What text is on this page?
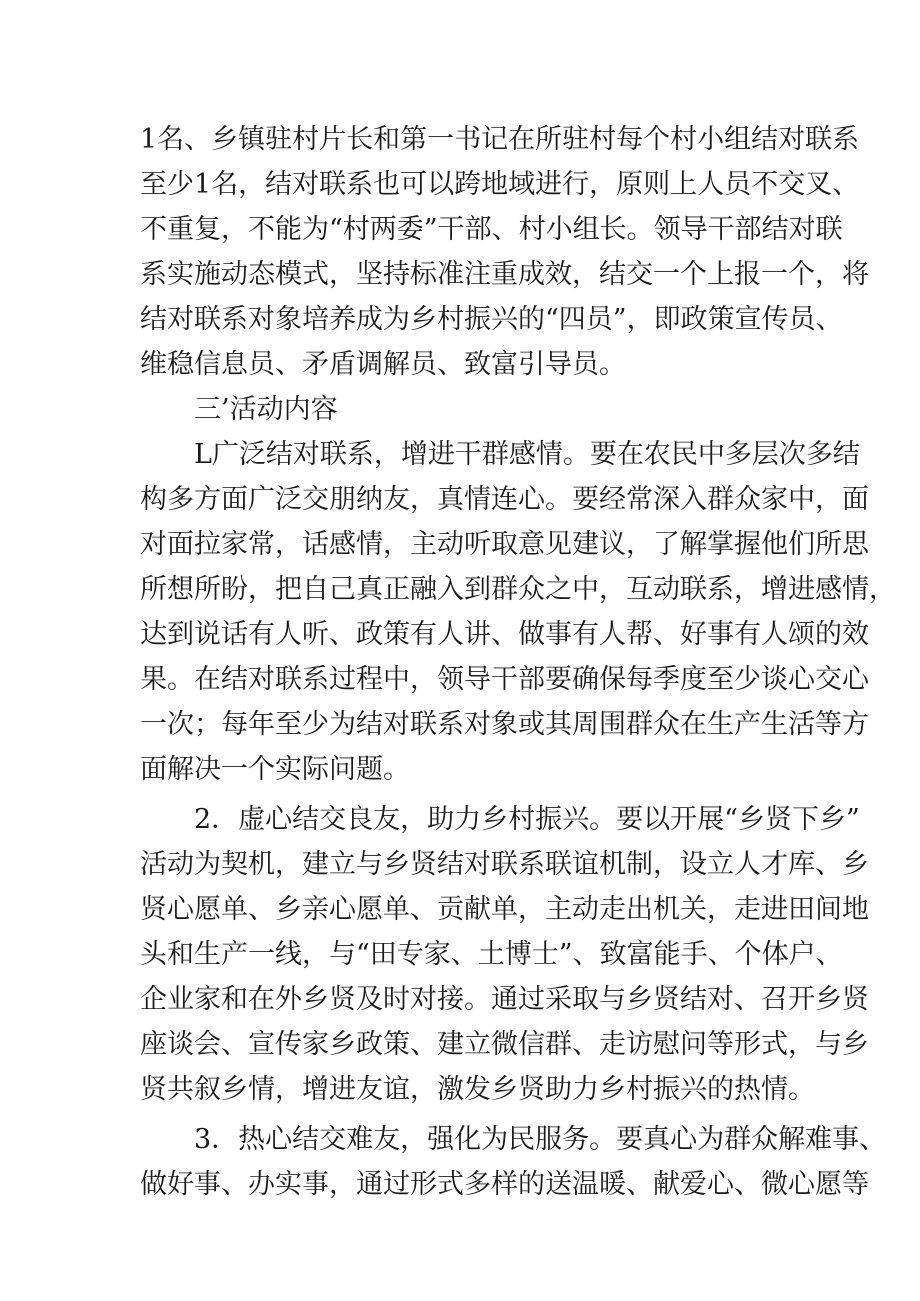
1名、乡镇驻村片长和第一书记在所驻村每个村小组结对联系
至少1名，结对联系也可以跨地域进行，原则上人员不交叉、
不重复，不能为“村两委”干部、村小组长。领导干部结对联
系实施动态模式，坚持标准注重成效，结交一个上报一个，将
结对联系对象培养成为乡村振兴的“四员”，即政策宣传员、
维稳信息员、矛盾调解员、致富引导员。
三’活动内容
L广泛结对联系，增进干群感情。要在农民中多层次多结
构多方面广泛交朋纳友，真情连心。要经常深入群众家中，面
对面拉家常，话感情，主动听取意见建议，了解掌握他们所思
所想所盼，把自己真正融入到群众之中，互动联系，增进感情，
达到说话有人听、政策有人讲、做事有人帮、好事有人颂的效
果。在结对联系过程中，领导干部要确保每季度至少谈心交心
一次；每年至少为结对联系对象或其周围群众在生产生活等方
面解决一个实际问题。
2．虚心结交良友，助力乡村振兴。要以开展“乡贤下乡”
活动为契机，建立与乡贤结对联系联谊机制，设立人才库、乡
贤心愿单、乡亲心愿单、贡献单，主动走出机关，走进田间地
头和生产一线，与“田专家、土博士”、致富能手、个体户、
企业家和在外乡贤及时对接。通过采取与乡贤结对、召开乡贤
座谈会、宣传家乡政策、建立微信群、走访慰问等形式，与乡
贤共叙乡情，增进友谊，激发乡贤助力乡村振兴的热情。
3．热心结交难友，强化为民服务。要真心为群众解难事、
做好事、办实事，通过形式多样的送温暖、献爱心、微心愿等
